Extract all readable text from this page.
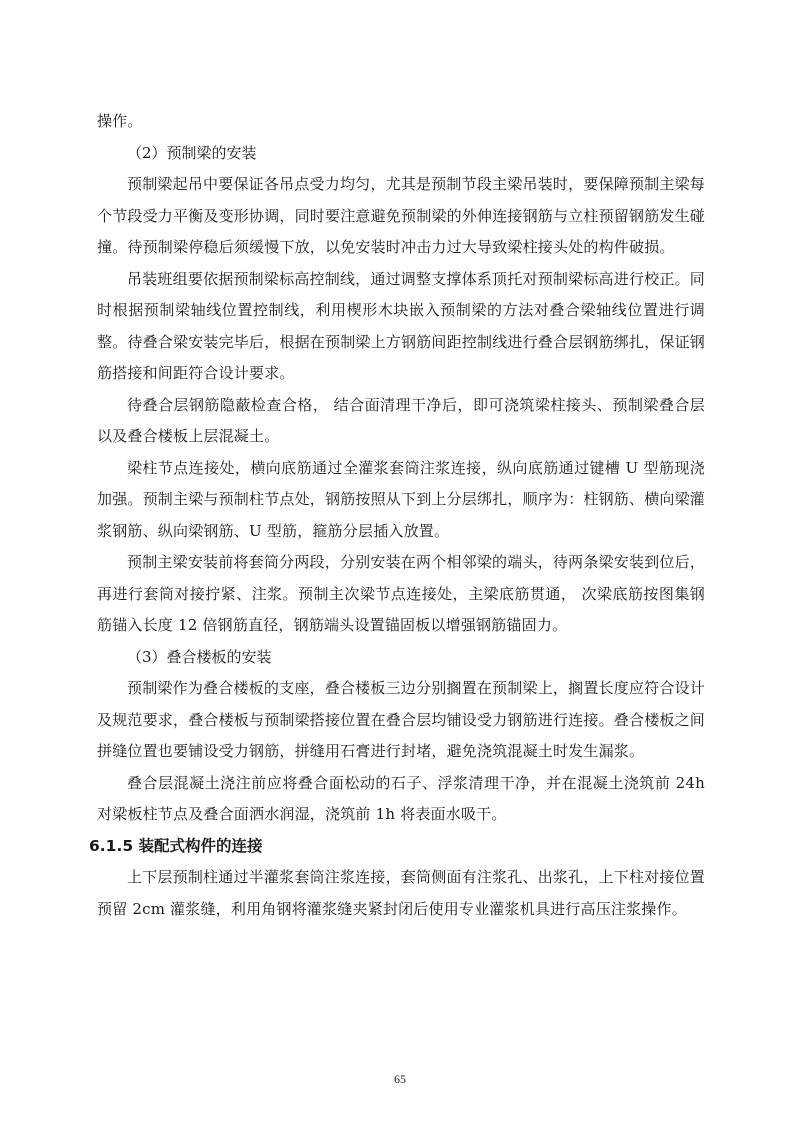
操作。

（2）预制梁的安装

预制梁起吊中要保证各吊点受力均匀，尤其是预制节段主梁吊装时，要保障预制主梁每个节段受力平衡及变形协调，同时要注意避免预制梁的外伸连接钢筋与立柱预留钢筋发生碰撞。待预制梁停稳后须缓慢下放，以免安装时冲击力过大导致梁柱接头处的构件破损。

吊装班组要依据预制梁标高控制线，通过调整支撑体系顶托对预制梁标高进行校正。同时根据预制梁轴线位置控制线，利用楔形木块嵌入预制梁的方法对叠合梁轴线位置进行调整。待叠合梁安装完毕后，根据在预制梁上方钢筋间距控制线进行叠合层钢筋绑扎，保证钢筋搭接和间距符合设计要求。

待叠合层钢筋隐蔽检查合格， 结合面清理干净后，即可浇筑梁柱接头、预制梁叠合层以及叠合楼板上层混凝土。

梁柱节点连接处，横向底筋通过全灌浆套筒注浆连接，纵向底筋通过键槽 U 型筋现浇加强。预制主梁与预制柱节点处，钢筋按照从下到上分层绑扎，顺序为：柱钢筋、横向梁灌浆钢筋、纵向梁钢筋、U 型筋，箍筋分层插入放置。

预制主梁安装前将套筒分两段，分别安装在两个相邻梁的端头，待两条梁安装到位后，再进行套筒对接拧紧、注浆。预制主次梁节点连接处，主梁底筋贯通， 次梁底筋按图集钢筋锚入长度 12 倍钢筋直径，钢筋端头设置锚固板以增强钢筋锚固力。

（3）叠合楼板的安装

预制梁作为叠合楼板的支座，叠合楼板三边分别搁置在预制梁上，搁置长度应符合设计及规范要求，叠合楼板与预制梁搭接位置在叠合层均铺设受力钢筋进行连接。叠合楼板之间拼缝位置也要铺设受力钢筋，拼缝用石膏进行封堵，避免浇筑混凝土时发生漏浆。

叠合层混凝土浇注前应将叠合面松动的石子、浮浆清理干净，并在混凝土浇筑前 24h 对梁板柱节点及叠合面洒水润湿，浇筑前 1h 将表面水吸干。

6.1.5 装配式构件的连接

上下层预制柱通过半灌浆套筒注浆连接，套筒侧面有注浆孔、出浆孔，上下柱对接位置预留 2cm 灌浆缝，利用角钢将灌浆缝夹紧封闭后使用专业灌浆机具进行高压注浆操作。

65
